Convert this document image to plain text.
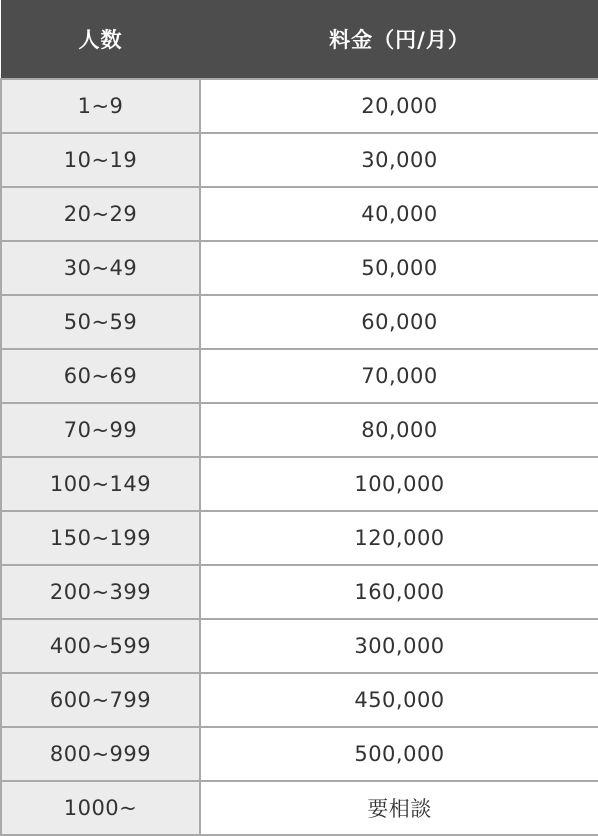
人数	料金（円/月）
1~9	20,000
10~19	30,000
20~29	40,000
30~49	50,000
50~59	60,000
60~69	70,000
70~99	80,000
100~149	100,000
150~199	120,000
200~399	160,000
400~599	300,000
600~799	450,000
800~999	500,000
1000~	要相談
